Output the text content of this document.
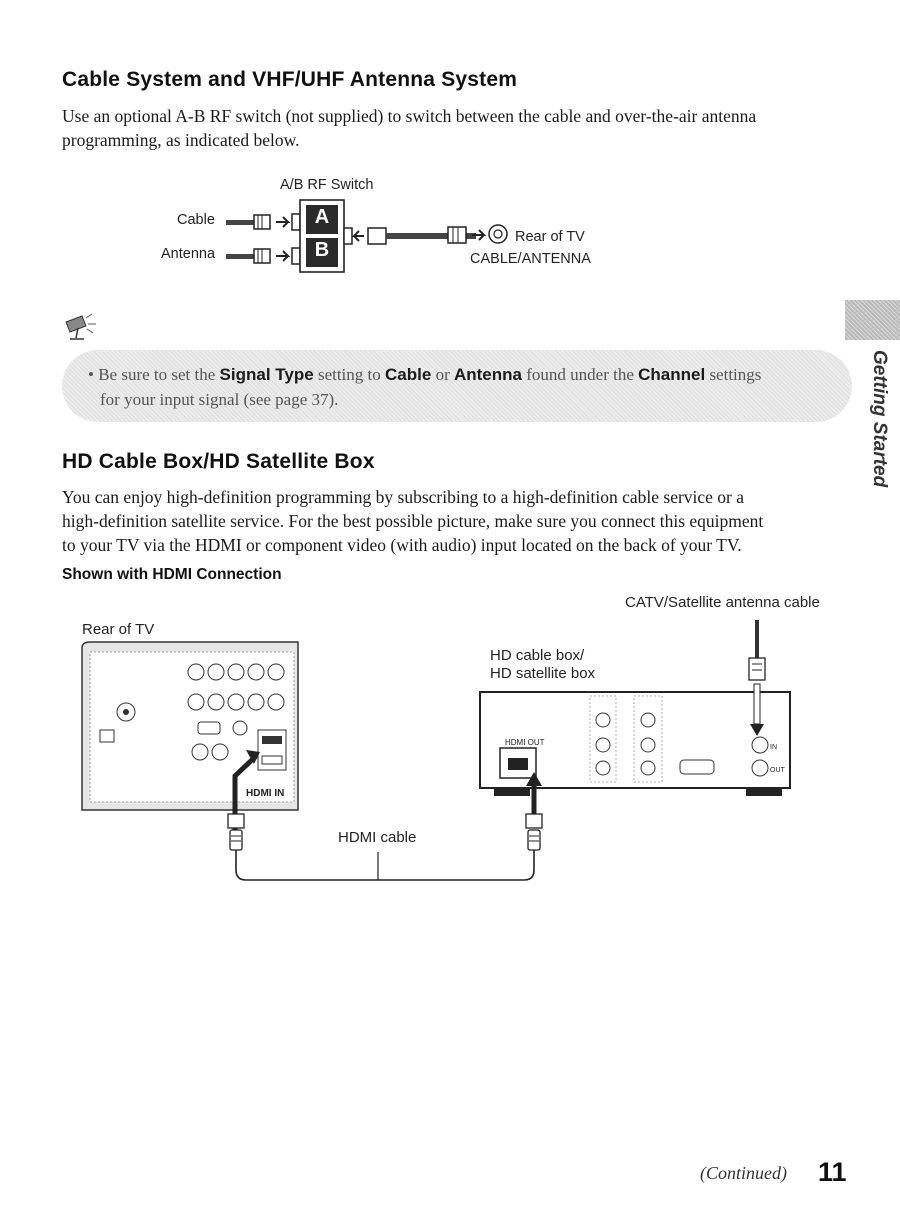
Cable System and VHF/UHF Antenna System
Use an optional A-B RF switch (not supplied) to switch between the cable and over-the-air antenna
programming, as indicated below.
A/B RF Switch
Cable
Antenna
Rear of TV
CABLE/ANTENNA
A
B
• Be sure to set the Signal Type setting to Cable or Antenna found under the Channel settings
for your input signal (see page 37).	Getting Started
HD Cable Box/HD Satellite Box
You can enjoy high-definition programming by subscribing to a high-definition cable service or a
high-definition satellite service. For the best possible picture, make sure you connect this equipment
to your TV via the HDMI or component video (with audio) input located on the back of your TV.
Shown with HDMI Connection
CATV/Satellite antenna cable
Rear of TV
HD cable box/
HD satellite box
HDMI cable
HDMI IN
HDMI OUT
IN
OUT
(Continued) 11
